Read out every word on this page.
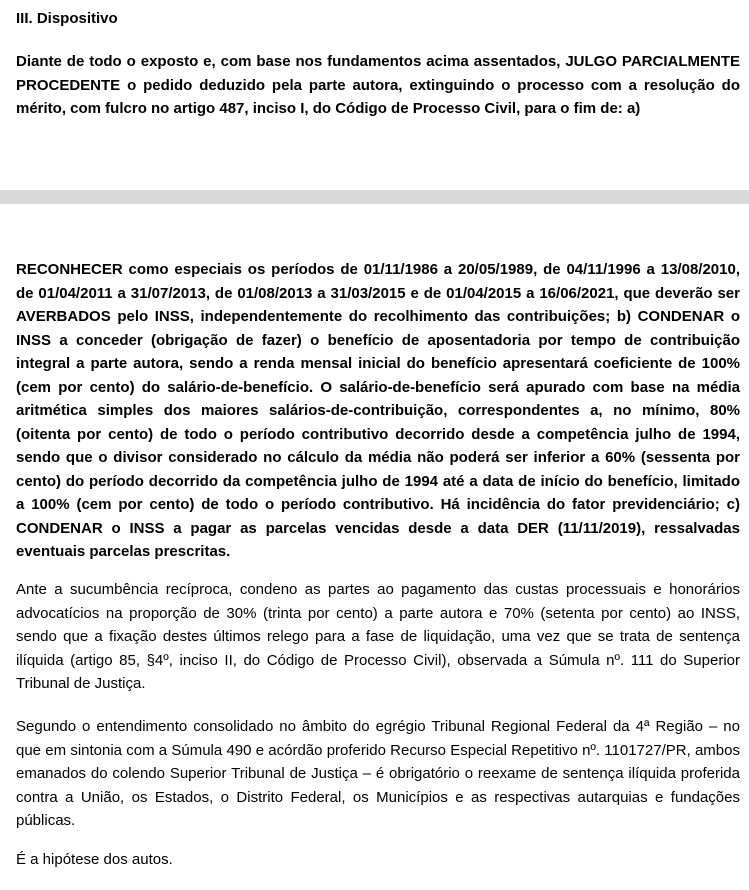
III. Dispositivo

Diante de todo o exposto e, com base nos fundamentos acima assentados, JULGO PARCIALMENTE PROCEDENTE o pedido deduzido pela parte autora, extinguindo o processo com a resolução do mérito, com fulcro no artigo 487, inciso I, do Código de Processo Civil, para o fim de: a)

RECONHECER como especiais os períodos de 01/11/1986 a 20/05/1989, de 04/11/1996 a 13/08/2010, de 01/04/2011 a 31/07/2013, de 01/08/2013 a 31/03/2015 e de 01/04/2015 a 16/06/2021, que deverão ser AVERBADOS pelo INSS, independentemente do recolhimento das contribuições; b) CONDENAR o INSS a conceder (obrigação de fazer) o benefício de aposentadoria por tempo de contribuição integral a parte autora, sendo a renda mensal inicial do benefício apresentará coeficiente de 100% (cem por cento) do salário-de-benefício. O salário-de-benefício será apurado com base na média aritmética simples dos maiores salários-de-contribuição, correspondentes a, no mínimo, 80% (oitenta por cento) de todo o período contributivo decorrido desde a competência julho de 1994, sendo que o divisor considerado no cálculo da média não poderá ser inferior a 60% (sessenta por cento) do período decorrido da competência julho de 1994 até a data de início do benefício, limitado a 100% (cem por cento) de todo o período contributivo. Há incidência do fator previdenciário; c) CONDENAR o INSS a pagar as parcelas vencidas desde a data DER (11/11/2019), ressalvadas eventuais parcelas prescritas.

Ante a sucumbência recíproca, condeno as partes ao pagamento das custas processuais e honorários advocatícios na proporção de 30% (trinta por cento) a parte autora e 70% (setenta por cento) ao INSS, sendo que a fixação destes últimos relego para a fase de liquidação, uma vez que se trata de sentença ilíquida (artigo 85, §4º, inciso II, do Código de Processo Civil), observada a Súmula nº. 111 do Superior Tribunal de Justiça.

Segundo o entendimento consolidado no âmbito do egrégio Tribunal Regional Federal da 4ª Região – no que em sintonia com a Súmula 490 e acórdão proferido Recurso Especial Repetitivo nº. 1101727/PR, ambos emanados do colendo Superior Tribunal de Justiça – é obrigatório o reexame de sentença ilíquida proferida contra a União, os Estados, o Distrito Federal, os Municípios e as respectivas autarquias e fundações públicas.

É a hipótese dos autos.
